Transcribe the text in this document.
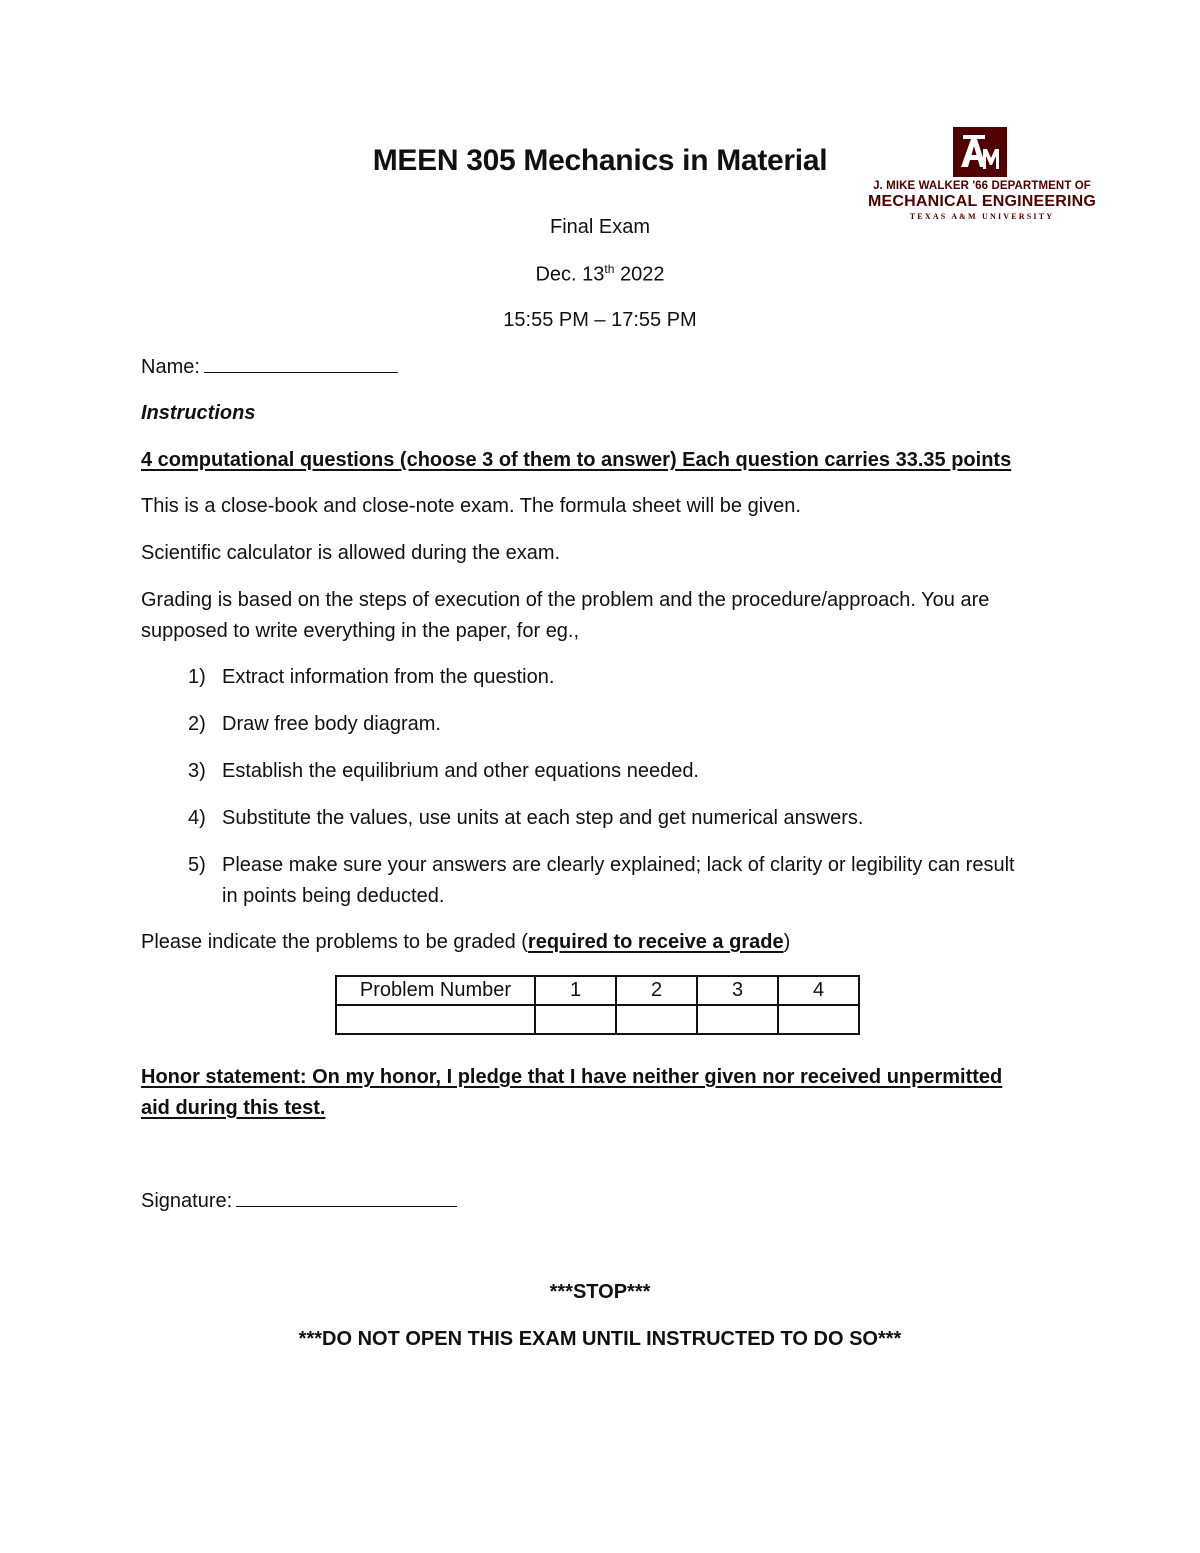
MEEN 305 Mechanics in Material
J. MIKE WALKER '66 DEPARTMENT OF
MECHANICAL ENGINEERING
TEXAS A&M UNIVERSITY
Final Exam
Dec. 13th 2022
15:55 PM – 17:55 PM
Name:
Instructions
4 computational questions (choose 3 of them to answer) Each question carries 33.35 points
This is a close-book and close-note exam. The formula sheet will be given.
Scientific calculator is allowed during the exam.
Grading is based on the steps of execution of the problem and the procedure/approach. You are
supposed to write everything in the paper, for eg.,
1) Extract information from the question.
2) Draw free body diagram.
3) Establish the equilibrium and other equations needed.
4) Substitute the values, use units at each step and get numerical answers.
5) Please make sure your answers are clearly explained; lack of clarity or legibility can result in points being deducted.
Please indicate the problems to be graded (required to receive a grade)
Problem Number	1	2	3	4

Honor statement: On my honor, I pledge that I have neither given nor received unpermitted
aid during this test.
Signature:
***STOP***
***DO NOT OPEN THIS EXAM UNTIL INSTRUCTED TO DO SO***
